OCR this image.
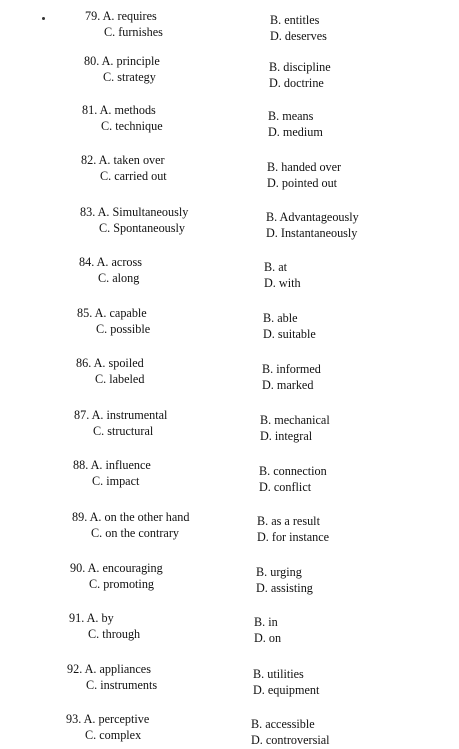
79. A. requires
C. furnishes
B. entitles
D. deserves
80. A. principle
C. strategy
B. discipline
D. doctrine
81. A. methods
C. technique
B. means
D. medium
82. A. taken over
C. carried out
B. handed over
D. pointed out
83. A. Simultaneously
C. Spontaneously
B. Advantageously
D. Instantaneously
84. A. across
C. along
B. at
D. with
85. A. capable
C. possible
B. able
D. suitable
86. A. spoiled
C. labeled
B. informed
D. marked
87. A. instrumental
C. structural
B. mechanical
D. integral
88. A. influence
C. impact
B. connection
D. conflict
89. A. on the other hand
C. on the contrary
B. as a result
D. for instance
90. A. encouraging
C. promoting
B. urging
D. assisting
91. A. by
C. through
B. in
D. on
92. A. appliances
C. instruments
B. utilities
D. equipment
93. A. perceptive
C. complex
B. accessible
D. controversial
